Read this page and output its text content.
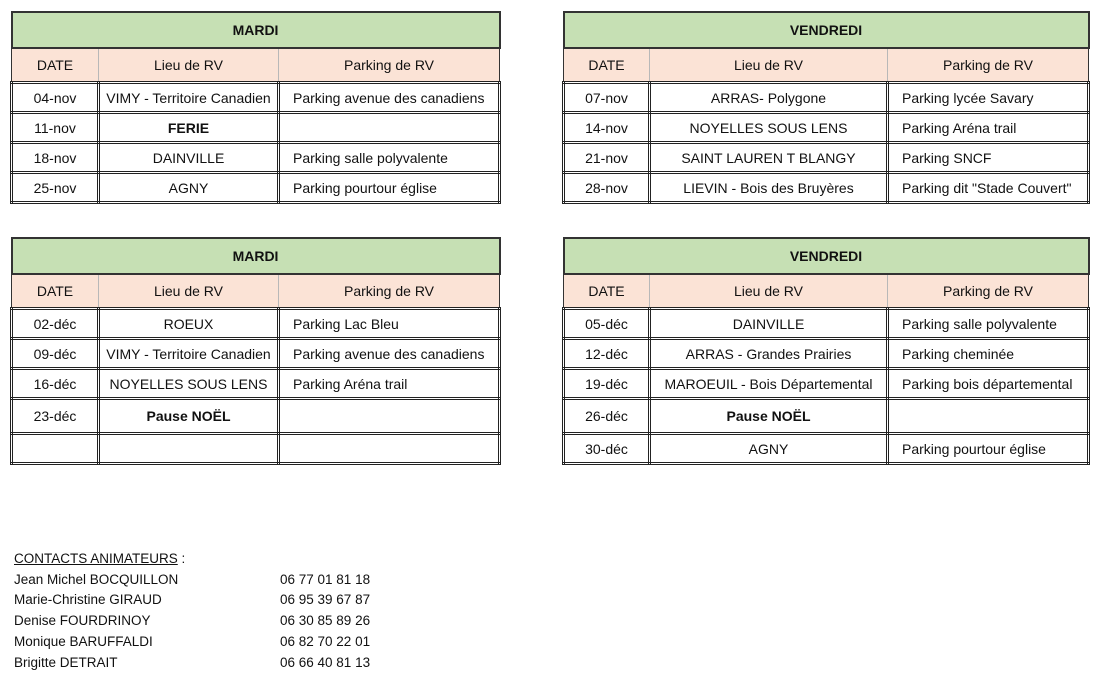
MARDI		
DATE	Lieu de RV	Parking de RV
04-nov	VIMY - Territoire Canadien	Parking avenue des canadiens
11-nov	FERIE	
18-nov	DAINVILLE	Parking salle polyvalente
25-nov	AGNY	Parking pourtour église
VENDREDI		
DATE	Lieu de RV	Parking de RV
07-nov	ARRAS- Polygone	Parking lycée Savary
14-nov	NOYELLES SOUS LENS	Parking Aréna trail
21-nov	SAINT LAUREN T BLANGY	Parking SNCF
28-nov	LIEVIN - Bois des Bruyères	Parking dit "Stade Couvert"
MARDI		
DATE	Lieu de RV	Parking de RV
02-déc	ROEUX	Parking Lac Bleu
09-déc	VIMY - Territoire Canadien	Parking avenue des canadiens
16-déc	NOYELLES SOUS LENS	Parking Aréna trail
23-déc	Pause NOËL	

VENDREDI		
DATE	Lieu de RV	Parking de RV
05-déc	DAINVILLE	Parking salle polyvalente
12-déc	ARRAS - Grandes Prairies	Parking cheminée
19-déc	MAROEUIL - Bois Départemental	Parking bois départemental
26-déc	Pause NOËL	
30-déc	AGNY	Parking pourtour église
CONTACTS ANIMATEURS :
Jean Michel BOCQUILLON	06 77 01 81 18
Marie-Christine GIRAUD	06 95 39 67 87
Denise FOURDRINOY	06 30 85 89 26
Monique BARUFFALDI	06 82 70 22 01
Brigitte DETRAIT	06 66 40 81 13
